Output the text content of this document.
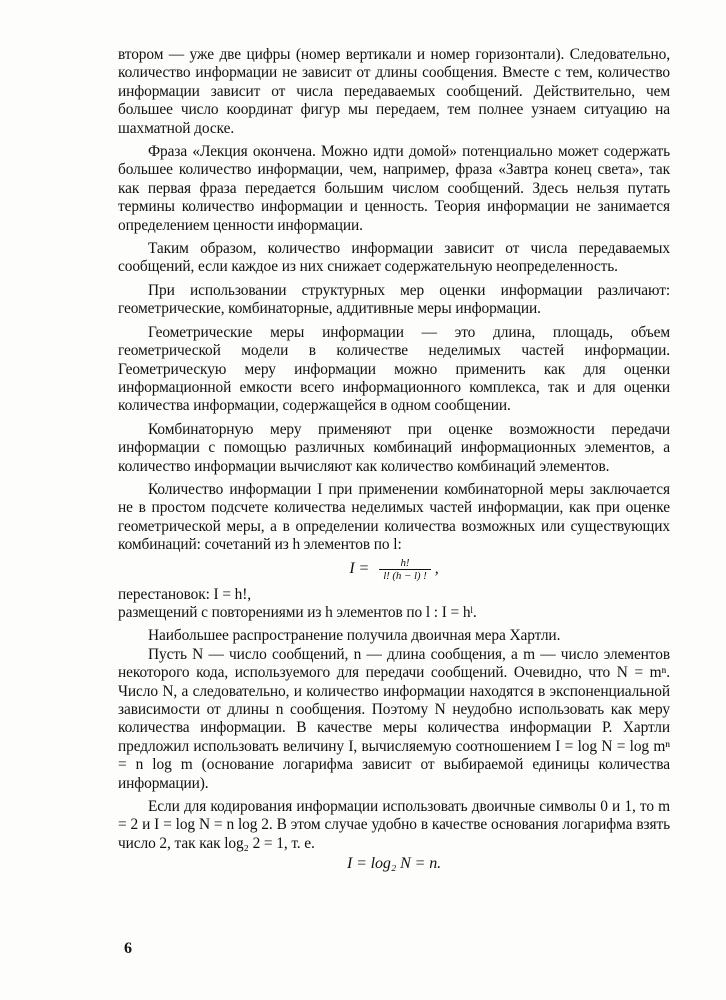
втором — уже две цифры (номер вертикали и номер горизонтали). Следовательно, количество информации не зависит от длины сообщения. Вместе с тем, количество информации зависит от числа передаваемых сообщений. Действительно, чем большее число координат фигур мы передаем, тем полнее узнаем ситуацию на шахматной доске.

Фраза «Лекция окончена. Можно идти домой» потенциально может содержать большее количество информации, чем, например, фраза «Завтра конец света», так как первая фраза передается большим числом сообщений. Здесь нельзя путать термины количество информации и ценность. Теория информации не занимается определением ценности информации.

Таким образом, количество информации зависит от числа передаваемых сообщений, если каждое из них снижает содержательную неопределенность.

При использовании структурных мер оценки информации различают: геометрические, комбинаторные, аддитивные меры информации.

Геометрические меры информации — это длина, площадь, объем геометрической модели в количестве неделимых частей информации. Геометрическую меру информации можно применить как для оценки информационной емкости всего информационного комплекса, так и для оценки количества информации, содержащейся в одном сообщении.

Комбинаторную меру применяют при оценке возможности передачи информации с помощью различных комбинаций информационных элементов, а количество информации вычисляют как количество комбинаций элементов.

Количество информации I при применении комбинаторной меры заключается не в простом подсчете количества неделимых частей информации, как при оценке геометрической меры, а в определении количества возможных или существующих комбинаций: сочетаний из h элементов по l:

$I = \frac{h!}{l! (h - l) !}$ ,

перестановок: I = h!,

размещений с повторениями из h элементов по l : I = hˡ.

Наибольшее распространение получила двоичная мера Хартли.

Пусть N — число сообщений, n — длина сообщения, а m — число элементов некоторого кода, используемого для передачи сообщений. Очевидно, что N = mⁿ. Число N, а следовательно, и количество информации находятся в экспоненциальной зависимости от длины n сообщения. Поэтому N неудобно использовать как меру количества информации. В качестве меры количества информации Р. Хартли предложил использовать величину I, вычисляемую соотношением I = log N = log mⁿ = n log m (основание логарифма зависит от выбираемой единицы количества информации).

Если для кодирования информации использовать двоичные символы 0 и 1, то m = 2 и I = log N = n log 2. В этом случае удобно в качестве основания логарифма взять число 2, так как log₂ 2 = 1, т. е.

I = log₂ N = n.
6
